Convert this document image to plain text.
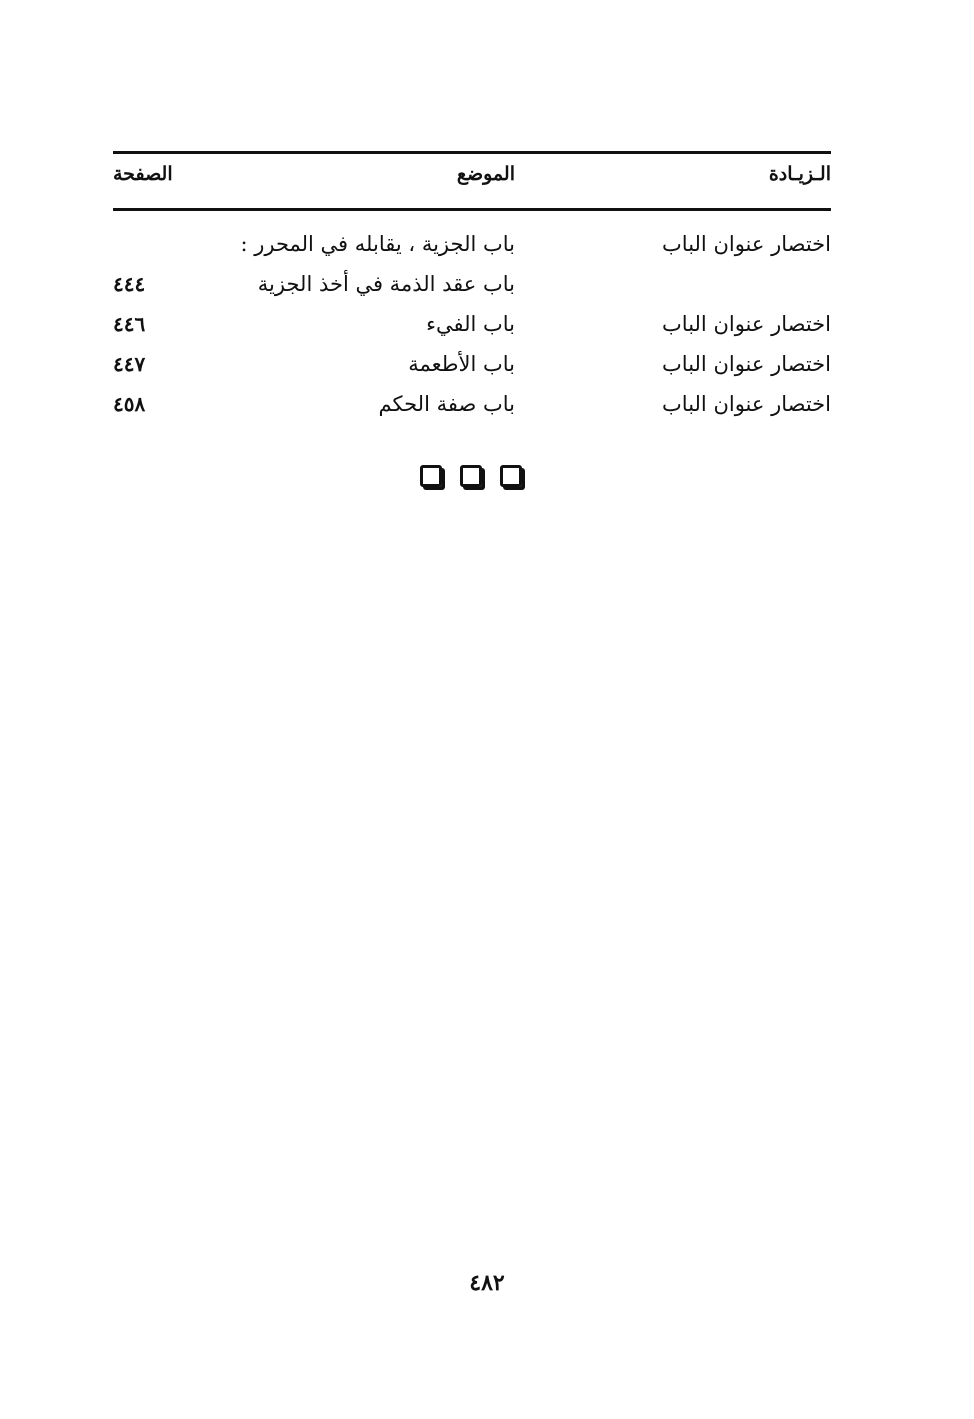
الـزيـادة
الموضع
الصفحة
اختصار عنوان الباب
باب الجزية ، يقابله في المحرر :
باب عقد الذمة في أخذ الجزية
٤٤٤
اختصار عنوان الباب
باب الفيء
٤٤٦
اختصار عنوان الباب
باب الأطعمة
٤٤٧
اختصار عنوان الباب
باب صفة الحكم
٤٥٨
٤٨٢
